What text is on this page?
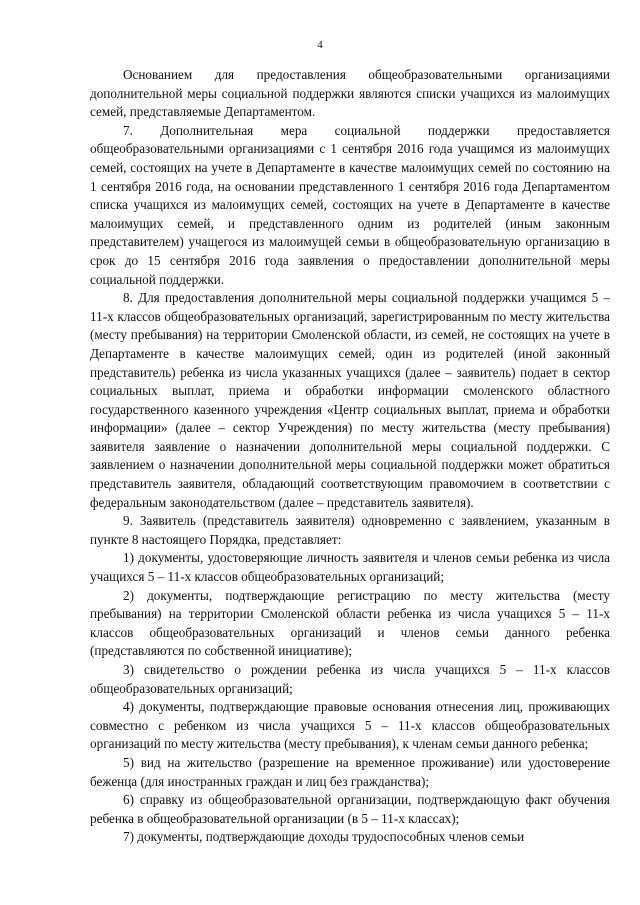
4

Основанием для предоставления общеобразовательными организациями дополнительной меры социальной поддержки являются списки учащихся из малоимущих семей, представляемые Департаментом.

7. Дополнительная мера социальной поддержки предоставляется общеобразовательными организациями с 1 сентября 2016 года учащимся из малоимущих семей, состоящих на учете в Департаменте в качестве малоимущих семей по состоянию на 1 сентября 2016 года, на основании представленного 1 сентября 2016 года Департаментом списка учащихся из малоимущих семей, состоящих на учете в Департаменте в качестве малоимущих семей, и представленного одним из родителей (иным законным представителем) учащегося из малоимущей семьи в общеобразовательную организацию в срок до 15 сентября 2016 года заявления о предоставлении дополнительной меры социальной поддержки.

8. Для предоставления дополнительной меры социальной поддержки учащимся 5 – 11-х классов общеобразовательных организаций, зарегистрированным по месту жительства (месту пребывания) на территории Смоленской области, из семей, не состоящих на учете в Департаменте в качестве малоимущих семей, один из родителей (иной законный представитель) ребенка из числа указанных учащихся (далее – заявитель) подает в сектор социальных выплат, приема и обработки информации смоленского областного государственного казенного учреждения «Центр социальных выплат, приема и обработки информации» (далее – сектор Учреждения) по месту жительства (месту пребывания) заявителя заявление о назначении дополнительной меры социальной поддержки. С заявлением о назначении дополнительной меры социальной поддержки может обратиться представитель заявителя, обладающий соответствующим правомочием в соответствии с федеральным законодательством (далее – представитель заявителя).

9. Заявитель (представитель заявителя) одновременно с заявлением, указанным в пункте 8 настоящего Порядка, представляет:

1) документы, удостоверяющие личность заявителя и членов семьи ребенка из числа учащихся 5 – 11-х классов общеобразовательных организаций;

2) документы, подтверждающие регистрацию по месту жительства (месту пребывания) на территории Смоленской области ребенка из числа учащихся 5 – 11-х классов общеобразовательных организаций и членов семьи данного ребенка (представляются по собственной инициативе);

3) свидетельство о рождении ребенка из числа учащихся 5 – 11-х классов общеобразовательных организаций;

4) документы, подтверждающие правовые основания отнесения лиц, проживающих совместно с ребенком из числа учащихся 5 – 11-х классов общеобразовательных организаций по месту жительства (месту пребывания), к членам семьи данного ребенка;

5) вид на жительство (разрешение на временное проживание) или удостоверение беженца (для иностранных граждан и лиц без гражданства);

6) справку из общеобразовательной организации, подтверждающую факт обучения ребенка в общеобразовательной организации (в 5 – 11-х классах);

7) документы, подтверждающие доходы трудоспособных членов семьи
